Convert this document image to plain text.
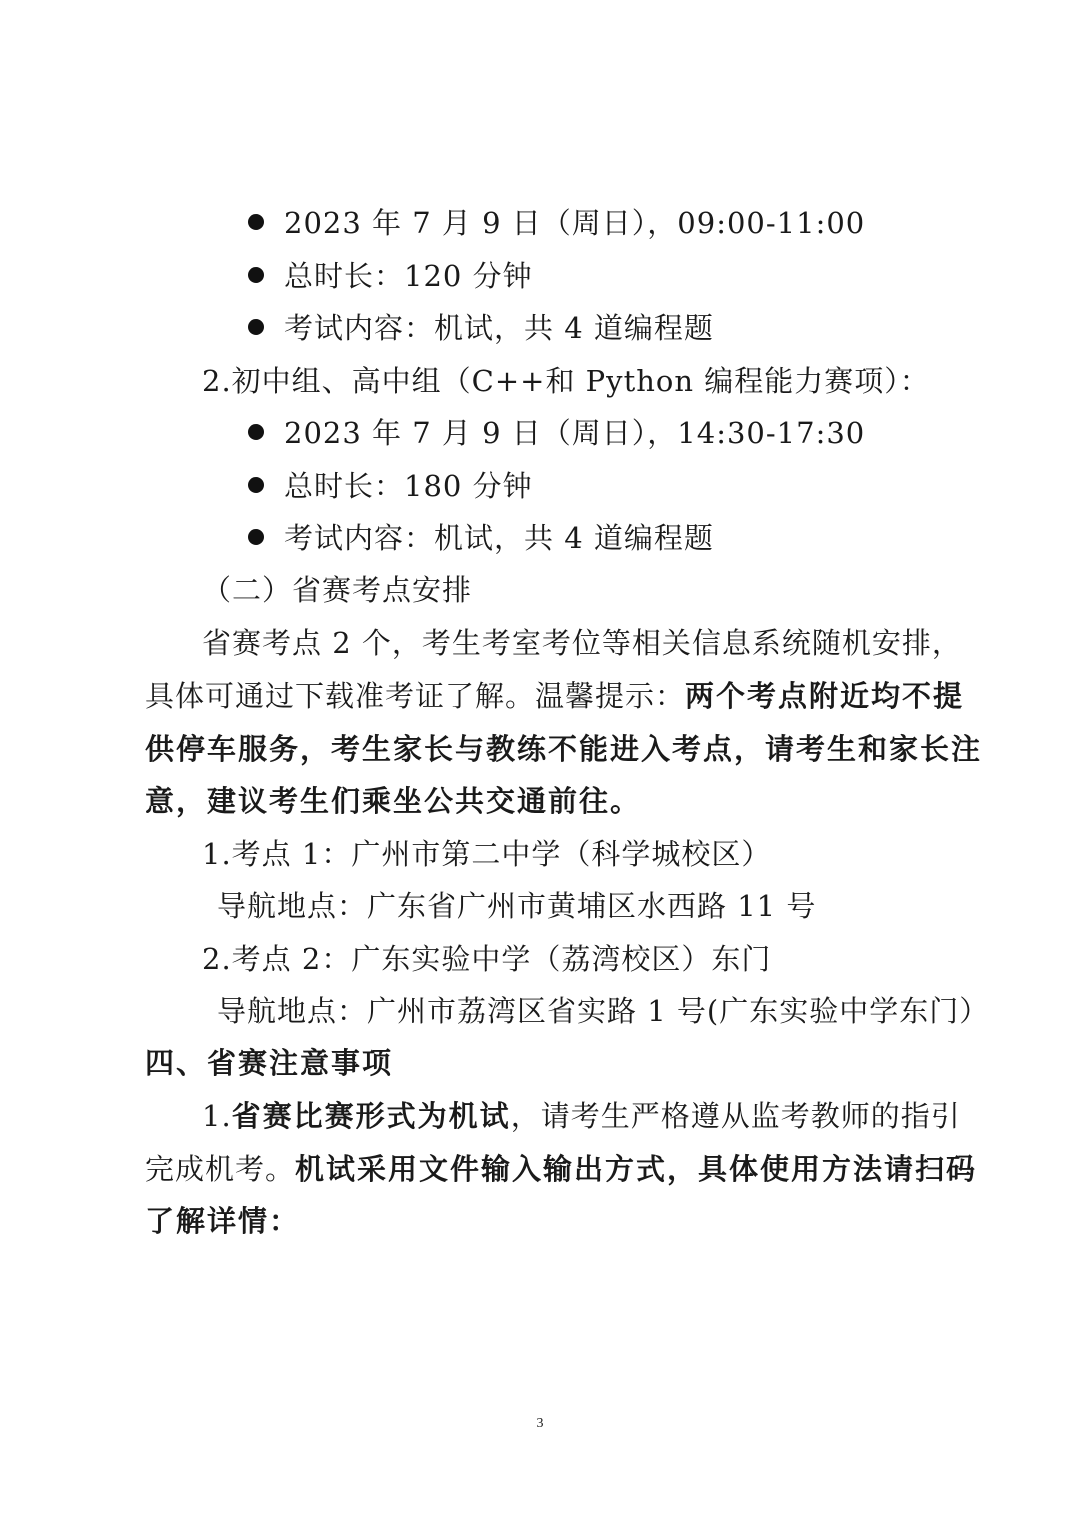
2023 年 7 月 9 日（周日），09:00-11:00
总时长：120 分钟
考试内容：机试，共 4 道编程题
2.初中组、高中组（C++和 Python 编程能力赛项）：
2023 年 7 月 9 日（周日），14:30-17:30
总时长：180 分钟
考试内容：机试，共 4 道编程题
（二）省赛考点安排
省赛考点 2 个，考生考室考位等相关信息系统随机安排，
具体可通过下载准考证了解。温馨提示：两个考点附近均不提
供停车服务，考生家长与教练不能进入考点，请考生和家长注
意，建议考生们乘坐公共交通前往。
1.考点 1：广州市第二中学（科学城校区）
导航地点：广东省广州市黄埔区水西路 11 号
2.考点 2：广东实验中学（荔湾校区）东门
导航地点：广州市荔湾区省实路 1 号(广东实验中学东门）
四、省赛注意事项
1.省赛比赛形式为机试，请考生严格遵从监考教师的指引
完成机考。机试采用文件输入输出方式，具体使用方法请扫码
了解详情：
3
